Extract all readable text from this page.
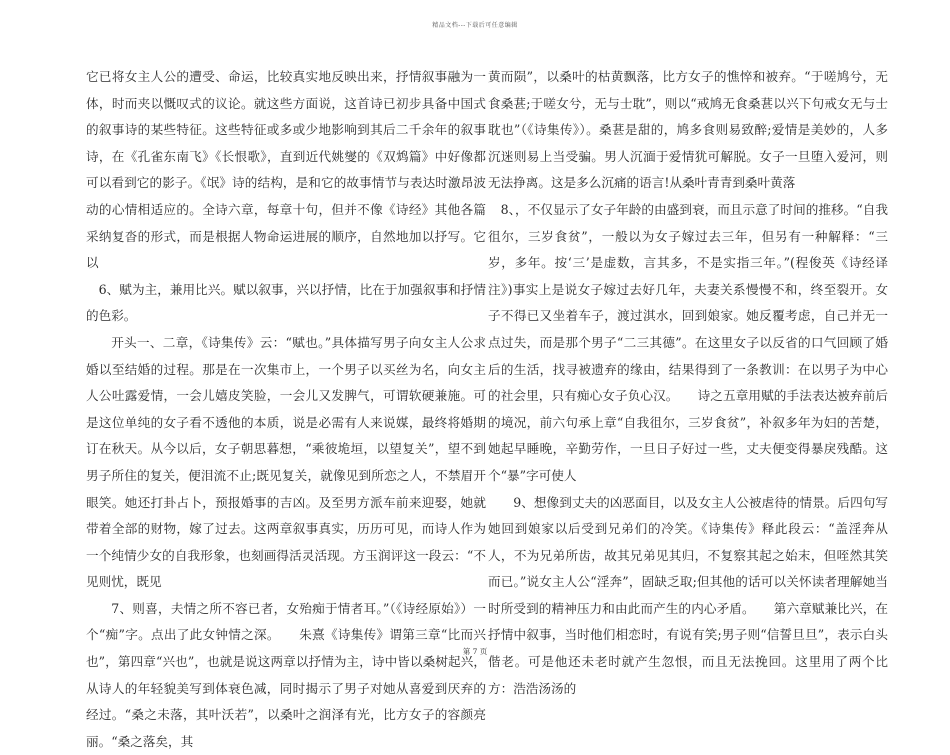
精品文档---下载后可任意编辑

它已将女主人公的遭受、命运，比较真实地反映出来，抒情叙事融为一体，时而夹以慨叹式的议论。就这些方面说，这首诗已初步具备中国式的叙事诗的某些特征。这些特征或多或少地影响到其后二千余年的叙事诗，在《孔雀东南飞》《长恨歌》，直到近代姚燮的《双鸩篇》中好像都可以看到它的影子。《氓》诗的结构，是和它的故事情节与表达时激昂波动的心情相适应的。全诗六章，每章十句，但并不像《诗经》其他各篇采纳复沓的形式，而是根据人物命运进展的顺序，自然地加以抒写。它以

6、赋为主，兼用比兴。赋以叙事，兴以抒情，比在于加强叙事和抒情的色彩。

开头一、二章，《诗集传》云：“赋也。”具体描写男子向女主人公求婚以至结婚的过程。那是在一次集市上，一个男子以买丝为名，向女主人公吐露爱情，一会儿嬉皮笑脸，一会儿又发脾气，可谓软硬兼施。可是这位单纯的女子看不透他的本质，说是必需有人来说媒，最终将婚期订在秋天。从今以后，女子朝思暮想，“乘彼垝垣，以望复关”，望不到男子所住的复关，便泪流不止;既见复关，就像见到所恋之人，不禁眉开眼笑。她还打卦占卜，预报婚事的吉凶。及至男方派车前来迎娶，她就带着全部的财物，嫁了过去。这两章叙事真实，历历可见，而诗人作为一个纯情少女的自我形象，也刻画得活灵活现。方玉润评这一段云：“不见则忧，既见

7、则喜，夫情之所不容已者，女殆痴于情者耳。”（《诗经原始》）一个“痴”字。点出了此女钟情之深。　　朱熹《诗集传》谓第三章“比而兴也”，第四章“兴也”，也就是说这两章以抒情为主，诗中皆以桑树起兴，从诗人的年轻貌美写到体衰色减，同时揭示了男子对她从喜爱到厌弃的经过。“桑之未落，其叶沃若”，以桑叶之润泽有光，比方女子的容颜亮丽。“桑之落矣，其

黄而陨”，以桑叶的枯黄飘落，比方女子的憔悴和被弃。“于嗟鸠兮，无食桑葚;于嗟女兮，无与士耽”，则以“戒鸠无食桑葚以兴下句戒女无与士耽也”（《诗集传》）。桑葚是甜的，鸠多食则易致醉;爱情是美妙的，人多沉迷则易上当受骗。男人沉湎于爱情犹可解脱。女子一旦堕入爱河，则无法挣离。这是多么沉痛的语言!从桑叶青青到桑叶黄落

8、，不仅显示了女子年龄的由盛到衰，而且示意了时间的推移。“自我徂尔，三岁食贫”，一般以为女子嫁过去三年，但另有一种解释：“三岁，多年。按‘三’是虚数，言其多，不是实指三年。”(程俊英《诗经译注》)事实上是说女子嫁过去好几年，夫妻关系慢慢不和，终至裂开。女子不得已又坐着车子，渡过淇水，回到娘家。她反覆考虑，自己并无一点过失，而是那个男子“二三其德”。在这里女子以反省的口气回顾了婚后的生活，找寻被遗弃的缘由，结果得到了一条教训：在以男子为中心的社会里，只有痴心女子负心汉。　　诗之五章用赋的手法表达被弃前后的境况，前六句承上章“自我徂尔，三岁食贫”，补叙多年为妇的苦楚，她起早睡晚，辛勤劳作，一旦日子好过一些，丈夫便变得暴戾残酷。这个“暴”字可使人

9、想像到丈夫的凶恶面目，以及女主人公被虐待的情景。后四句写她回到娘家以后受到兄弟们的冷笑。《诗集传》释此段云：“盖淫奔从人，不为兄弟所齿，故其兄弟见其归，不复察其起之始末，但咥然其笑而已。”说女主人公“淫奔”，固缺乏取;但其他的话可以关怀读者理解她当时所受到的精神压力和由此而产生的内心矛盾。　　第六章赋兼比兴，在抒情中叙事，当时他们相恋时，有说有笑;男子则“信誓旦旦”，表示白头偕老。可是他还未老时就产生忽恨，而且无法挽回。这里用了两个比方：浩浩汤汤的

第 7 页
